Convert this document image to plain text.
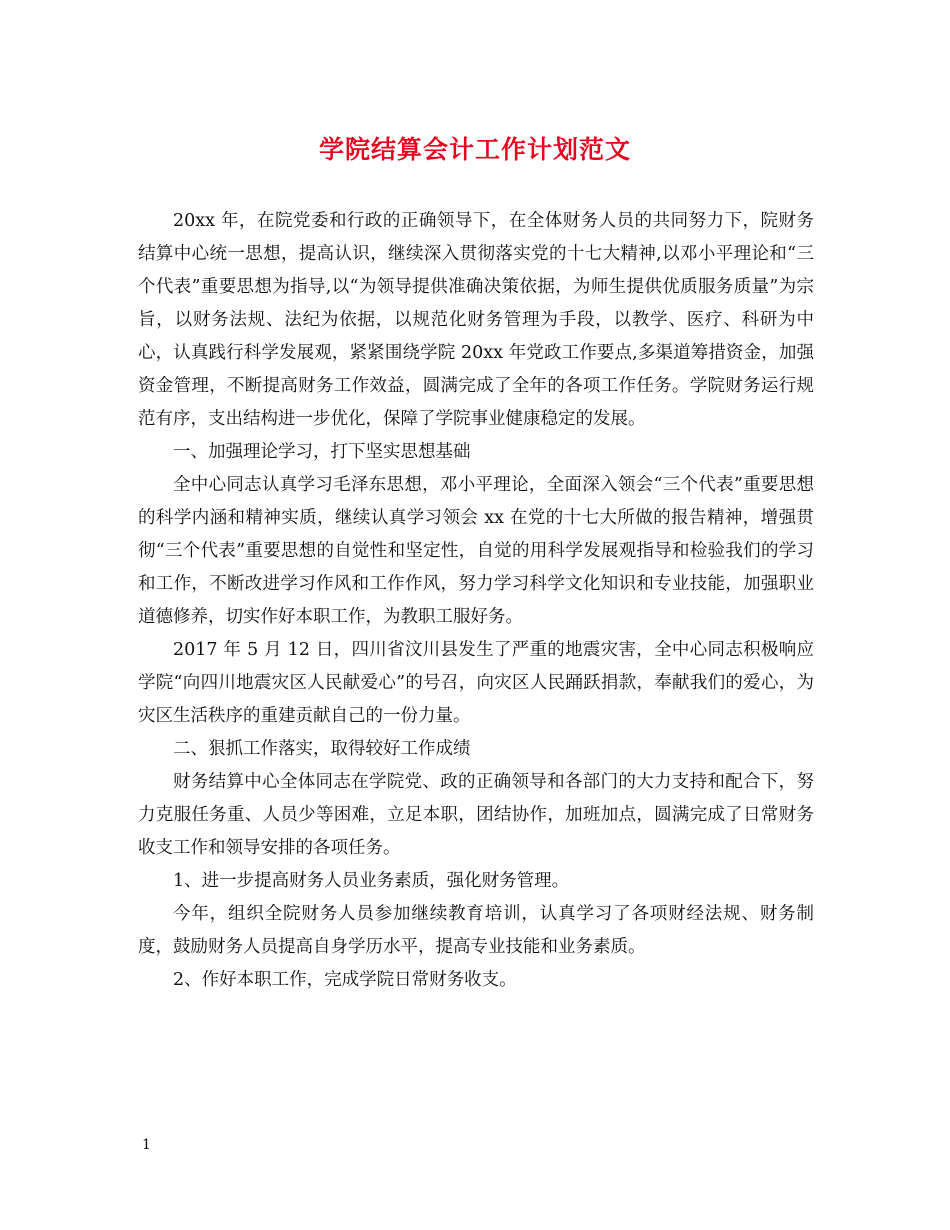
学院结算会计工作计划范文

20xx 年，在院党委和行政的正确领导下，在全体财务人员的共同努力下，院财务结算中心统一思想，提高认识，继续深入贯彻落实党的十七大精神,以邓小平理论和“三个代表”重要思想为指导,以“为领导提供准确决策依据，为师生提供优质服务质量”为宗旨，以财务法规、法纪为依据，以规范化财务管理为手段，以教学、医疗、科研为中心，认真践行科学发展观，紧紧围绕学院 20xx 年党政工作要点,多渠道筹措资金，加强资金管理，不断提高财务工作效益，圆满完成了全年的各项工作任务。学院财务运行规范有序，支出结构进一步优化，保障了学院事业健康稳定的发展。

一、加强理论学习，打下坚实思想基础

全中心同志认真学习毛泽东思想，邓小平理论，全面深入领会“三个代表”重要思想的科学内涵和精神实质，继续认真学习领会 xx 在党的十七大所做的报告精神，增强贯彻“三个代表”重要思想的自觉性和坚定性，自觉的用科学发展观指导和检验我们的学习和工作，不断改进学习作风和工作作风，努力学习科学文化知识和专业技能，加强职业道德修养，切实作好本职工作，为教职工服好务。

2017 年 5 月 12 日，四川省汶川县发生了严重的地震灾害，全中心同志积极响应学院“向四川地震灾区人民献爱心”的号召，向灾区人民踊跃捐款，奉献我们的爱心，为灾区生活秩序的重建贡献自己的一份力量。

二、狠抓工作落实，取得较好工作成绩

财务结算中心全体同志在学院党、政的正确领导和各部门的大力支持和配合下，努力克服任务重、人员少等困难，立足本职，团结协作，加班加点，圆满完成了日常财务收支工作和领导安排的各项任务。

1、进一步提高财务人员业务素质，强化财务管理。

今年，组织全院财务人员参加继续教育培训，认真学习了各项财经法规、财务制度，鼓励财务人员提高自身学历水平，提高专业技能和业务素质。

2、作好本职工作，完成学院日常财务收支。

1
